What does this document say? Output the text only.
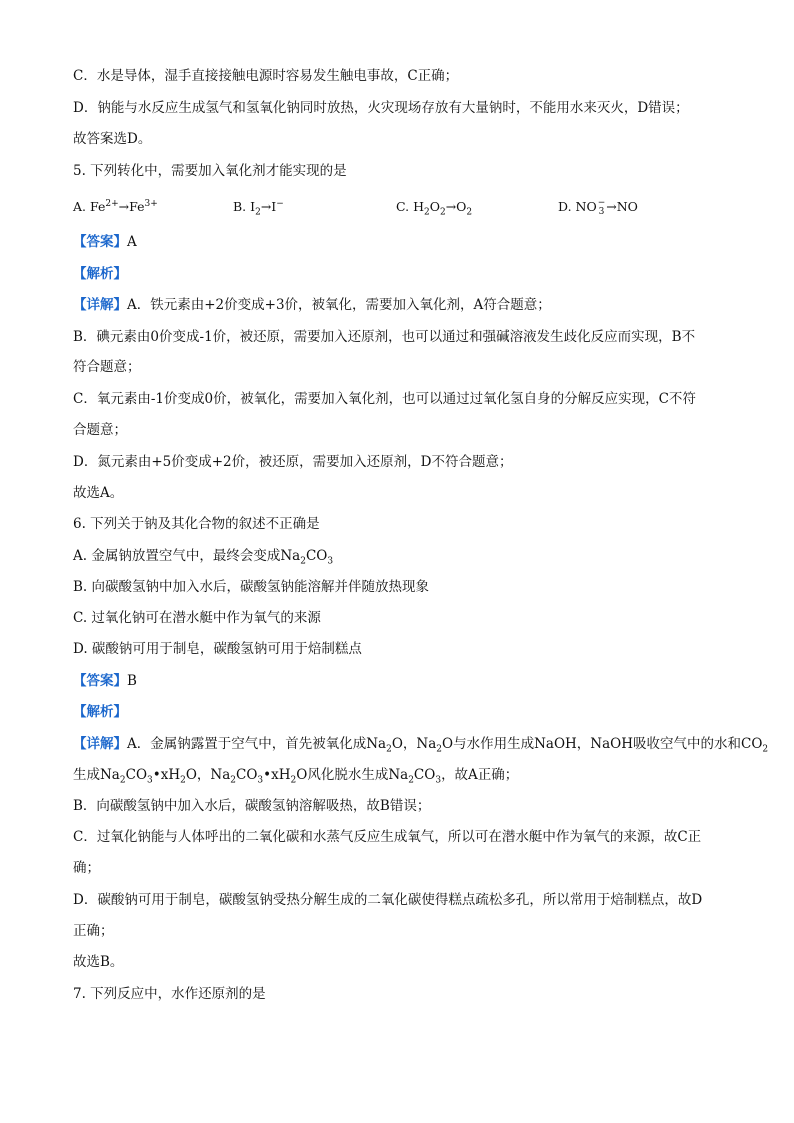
C．水是导体，湿手直接接触电源时容易发生触电事故，C正确；
D．钠能与水反应生成氢气和氢氧化钠同时放热，火灾现场存放有大量钠时，不能用水来灭火，D错误；
故答案选D。
5. 下列转化中，需要加入氧化剂才能实现的是
A. $Fe^{2+}\to Fe^{3+}$	B. $I_2\to I^-$	C. $H_2O_2\to O_2$	D. NO −
3 →NO
【答案】A
【解析】
【详解】A．铁元素由+2价变成+3价，被氧化，需要加入氧化剂，A符合题意；
B．碘元素由0价变成-1价，被还原，需要加入还原剂，也可以通过和强碱溶液发生歧化反应而实现，B不
符合题意；
C．氧元素由-1价变成0价，被氧化，需要加入氧化剂，也可以通过过氧化氢自身的分解反应实现，C不符
合题意；
D．氮元素由+5价变成+2价，被还原，需要加入还原剂，D不符合题意；
故选A。
6. 下列关于钠及其化合物的叙述不正确是
A. 金属钠放置空气中，最终会变成$Na_2CO_3$
B. 向碳酸氢钠中加入水后，碳酸氢钠能溶解并伴随放热现象
C. 过氧化钠可在潜水艇中作为氧气的来源
D. 碳酸钠可用于制皂，碳酸氢钠可用于焙制糕点
【答案】B
【解析】
【详解】A．金属钠露置于空气中，首先被氧化成$Na_2O$，$Na_2O$与水作用生成NaOH，NaOH吸收空气中的水和$CO_2$
生成$Na_2CO_3•xH_2O$，$Na_2CO_3•xH_2O$风化脱水生成$Na_2CO_3$，故A正确；
B．向碳酸氢钠中加入水后，碳酸氢钠溶解吸热，故B错误；
C．过氧化钠能与人体呼出的二氧化碳和水蒸气反应生成氧气，所以可在潜水艇中作为氧气的来源，故C正
确；
D．碳酸钠可用于制皂，碳酸氢钠受热分解生成的二氧化碳使得糕点疏松多孔，所以常用于焙制糕点，故D
正确；
故选B。
7. 下列反应中，水作还原剂的是
